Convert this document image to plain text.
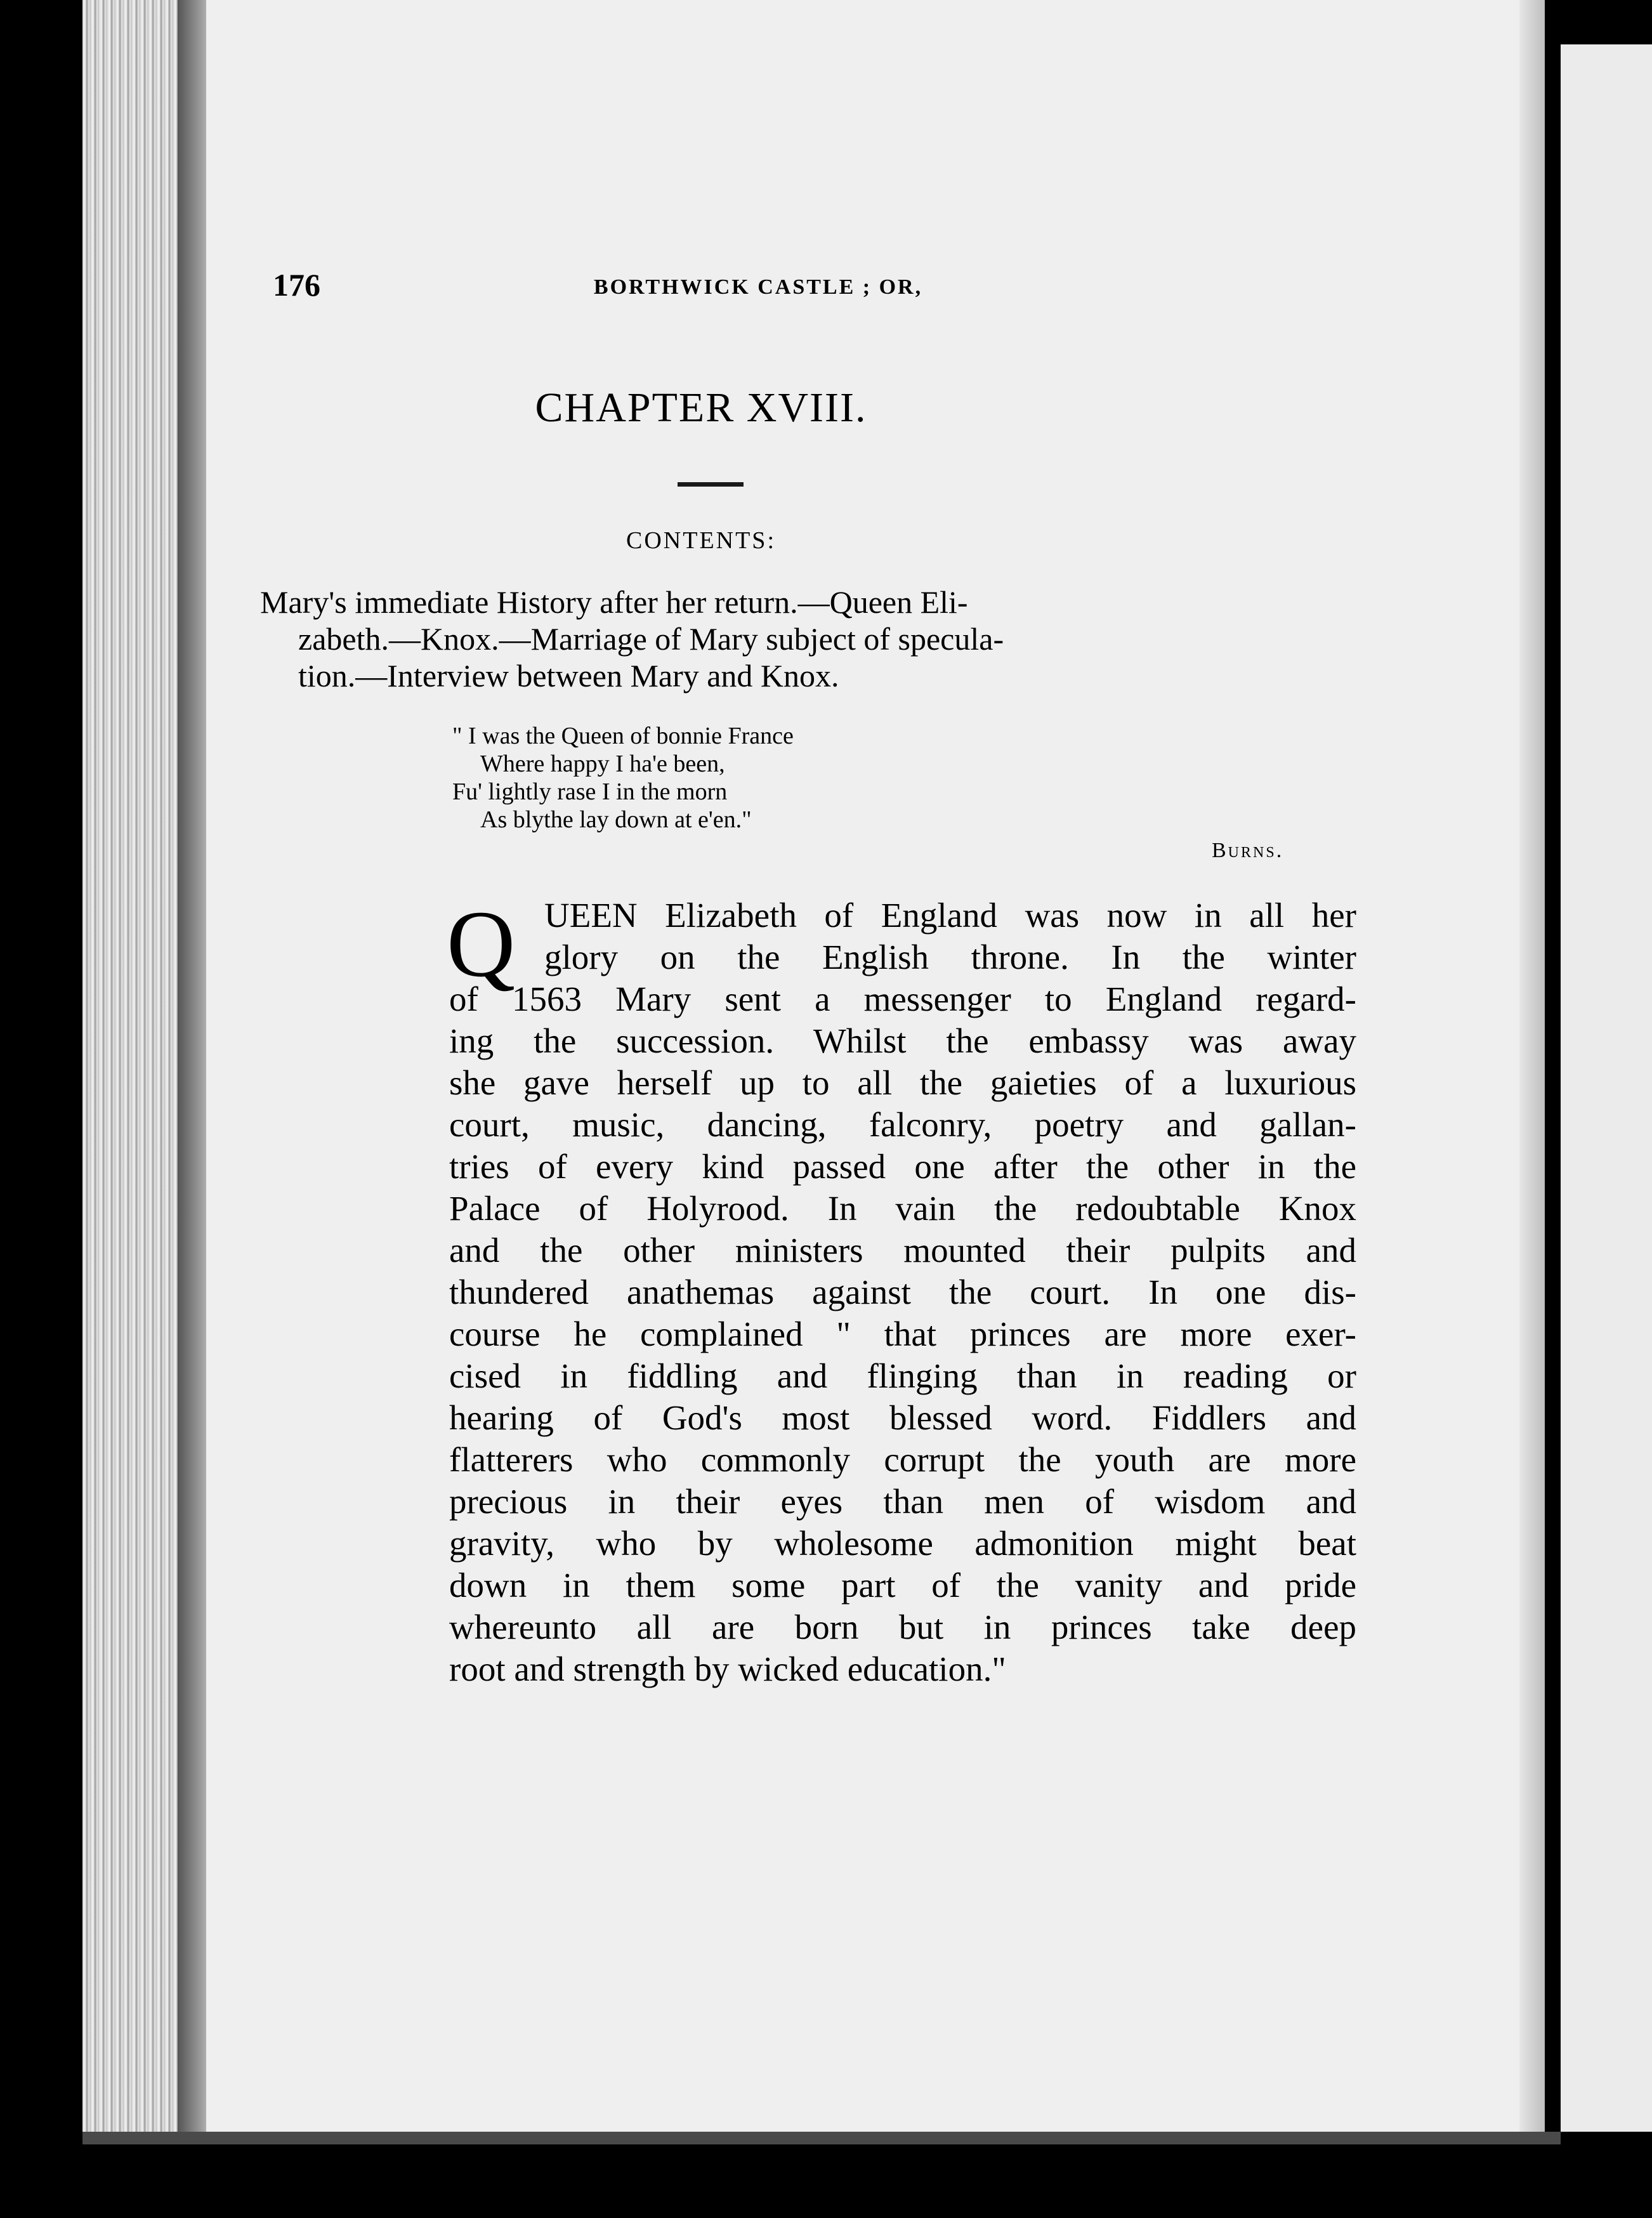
176	BORTHWICK CASTLE ; OR,
CHAPTER XVIII.
CONTENTS:
Mary's immediate History after her return.—Queen Eli-
zabeth.—Knox.—Marriage of Mary subject of specula-
tion.—Interview between Mary and Knox.
" I was the Queen of bonnie France
Where happy I ha'e been,
Fu' lightly rase I in the morn
As blythe lay down at e'en."
Burns.
Q UEEN Elizabeth of England was now in all her
glory on the English throne. In the winter
of 1563 Mary sent a messenger to England regard-
ing the succession. Whilst the embassy was away
she gave herself up to all the gaieties of a luxurious
court, music, dancing, falconry, poetry and gallan-
tries of every kind passed one after the other in the
Palace of Holyrood. In vain the redoubtable Knox
and the other ministers mounted their pulpits and
thundered anathemas against the court. In one dis-
course he complained " that princes are more exer-
cised in fiddling and flinging than in reading or
hearing of God's most blessed word. Fiddlers and
flatterers who commonly corrupt the youth are more
precious in their eyes than men of wisdom and
gravity, who by wholesome admonition might beat
down in them some part of the vanity and pride
whereunto all are born but in princes take deep
root and strength by wicked education."
